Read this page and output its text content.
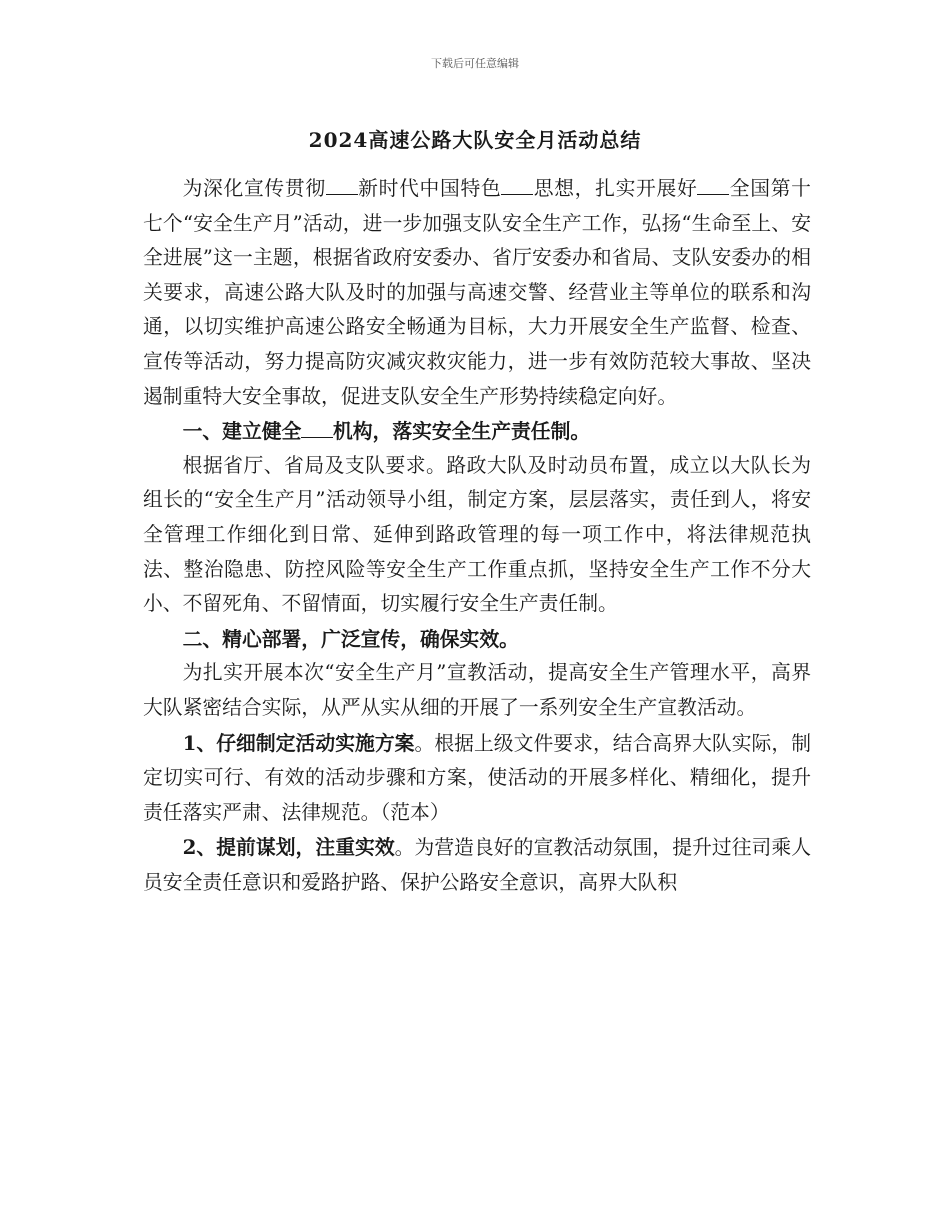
下载后可任意编辑
2024高速公路大队安全月活动总结

为深化宣传贯彻 新时代中国特色 思想，扎实开展好 全国第十七个“安全生产月”活动，进一步加强支队安全生产工作，弘扬“生命至上、安全进展”这一主题，根据省政府安委办、省厅安委办和省局、支队安委办的相关要求，高速公路大队及时的加强与高速交警、经营业主等单位的联系和沟通，以切实维护高速公路安全畅通为目标，大力开展安全生产监督、检查、宣传等活动，努力提高防灾减灾救灾能力，进一步有效防范较大事故、坚决遏制重特大安全事故，促进支队安全生产形势持续稳定向好。

一、建立健全 机构，落实安全生产责任制。

根据省厅、省局及支队要求。路政大队及时动员布置，成立以大队长为组长的“安全生产月”活动领导小组，制定方案，层层落实，责任到人，将安全管理工作细化到日常、延伸到路政管理的每一项工作中，将法律规范执法、整治隐患、防控风险等安全生产工作重点抓，坚持安全生产工作不分大小、不留死角、不留情面，切实履行安全生产责任制。

二、精心部署，广泛宣传，确保实效。

为扎实开展本次“安全生产月”宣教活动，提高安全生产管理水平，高界大队紧密结合实际，从严从实从细的开展了一系列安全生产宣教活动。

1、仔细制定活动实施方案。根据上级文件要求，结合高界大队实际，制定切实可行、有效的活动步骤和方案，使活动的开展多样化、精细化，提升责任落实严肃、法律规范。（范本）

2、提前谋划，注重实效。为营造良好的宣教活动氛围，提升过往司乘人员安全责任意识和爱路护路、保护公路安全意识，高界大队积
